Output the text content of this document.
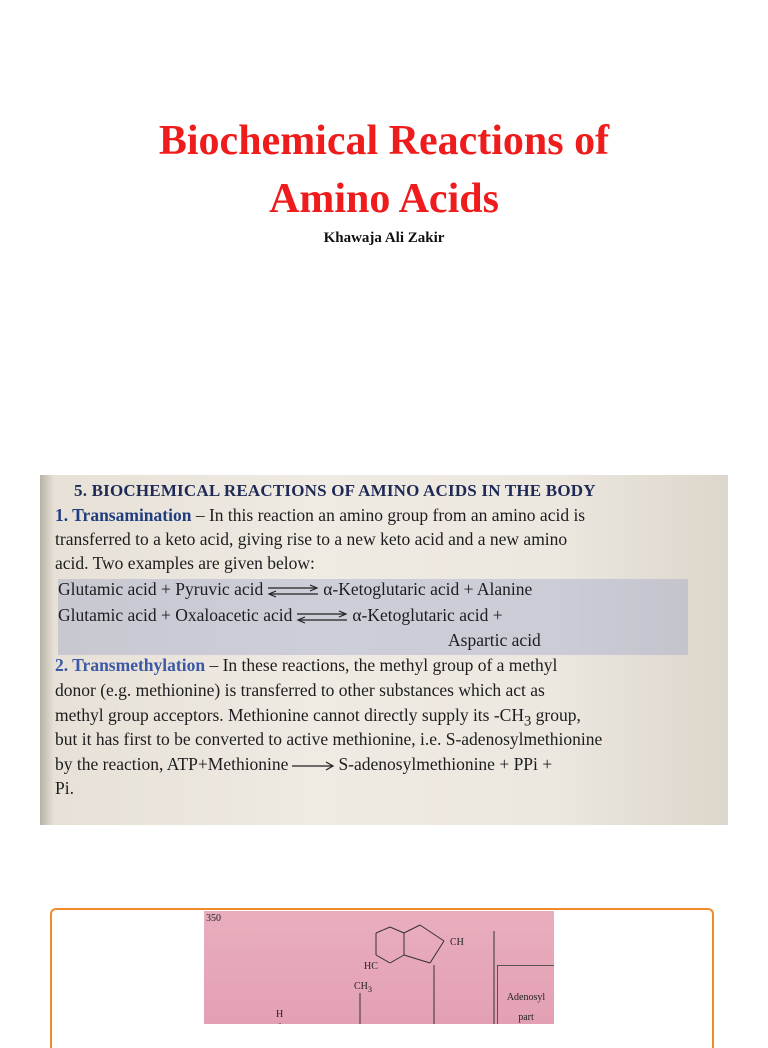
Biochemical Reactions of
Amino Acids
Khawaja Ali Zakir
5. BIOCHEMICAL REACTIONS OF AMINO ACIDS IN THE BODY
1. Transamination – In this reaction an amino group from an amino acid is
transferred to a keto acid, giving rise to a new keto acid and a new amino
acid. Two examples are given below:
Glutamic acid + Pyruvic acid ⇌ α-Ketoglutaric acid + Alanine
Glutamic acid + Oxaloacetic acid ⇌ α-Ketoglutaric acid +
Aspartic acid
2. Transmethylation – In these reactions, the methyl group of a methyl
donor (e.g. methionine) is transferred to other substances which act as
methyl group acceptors. Methionine cannot directly supply its $-CH_3$ group,
but it has first to be converted to active methionine, i.e. S-adenosylmethionine
by the reaction, ATP+Methionine → S-adenosylmethionine + PPi +
Pi.
350
CH
HC
$CH_3$
H
Adenosyl
part
